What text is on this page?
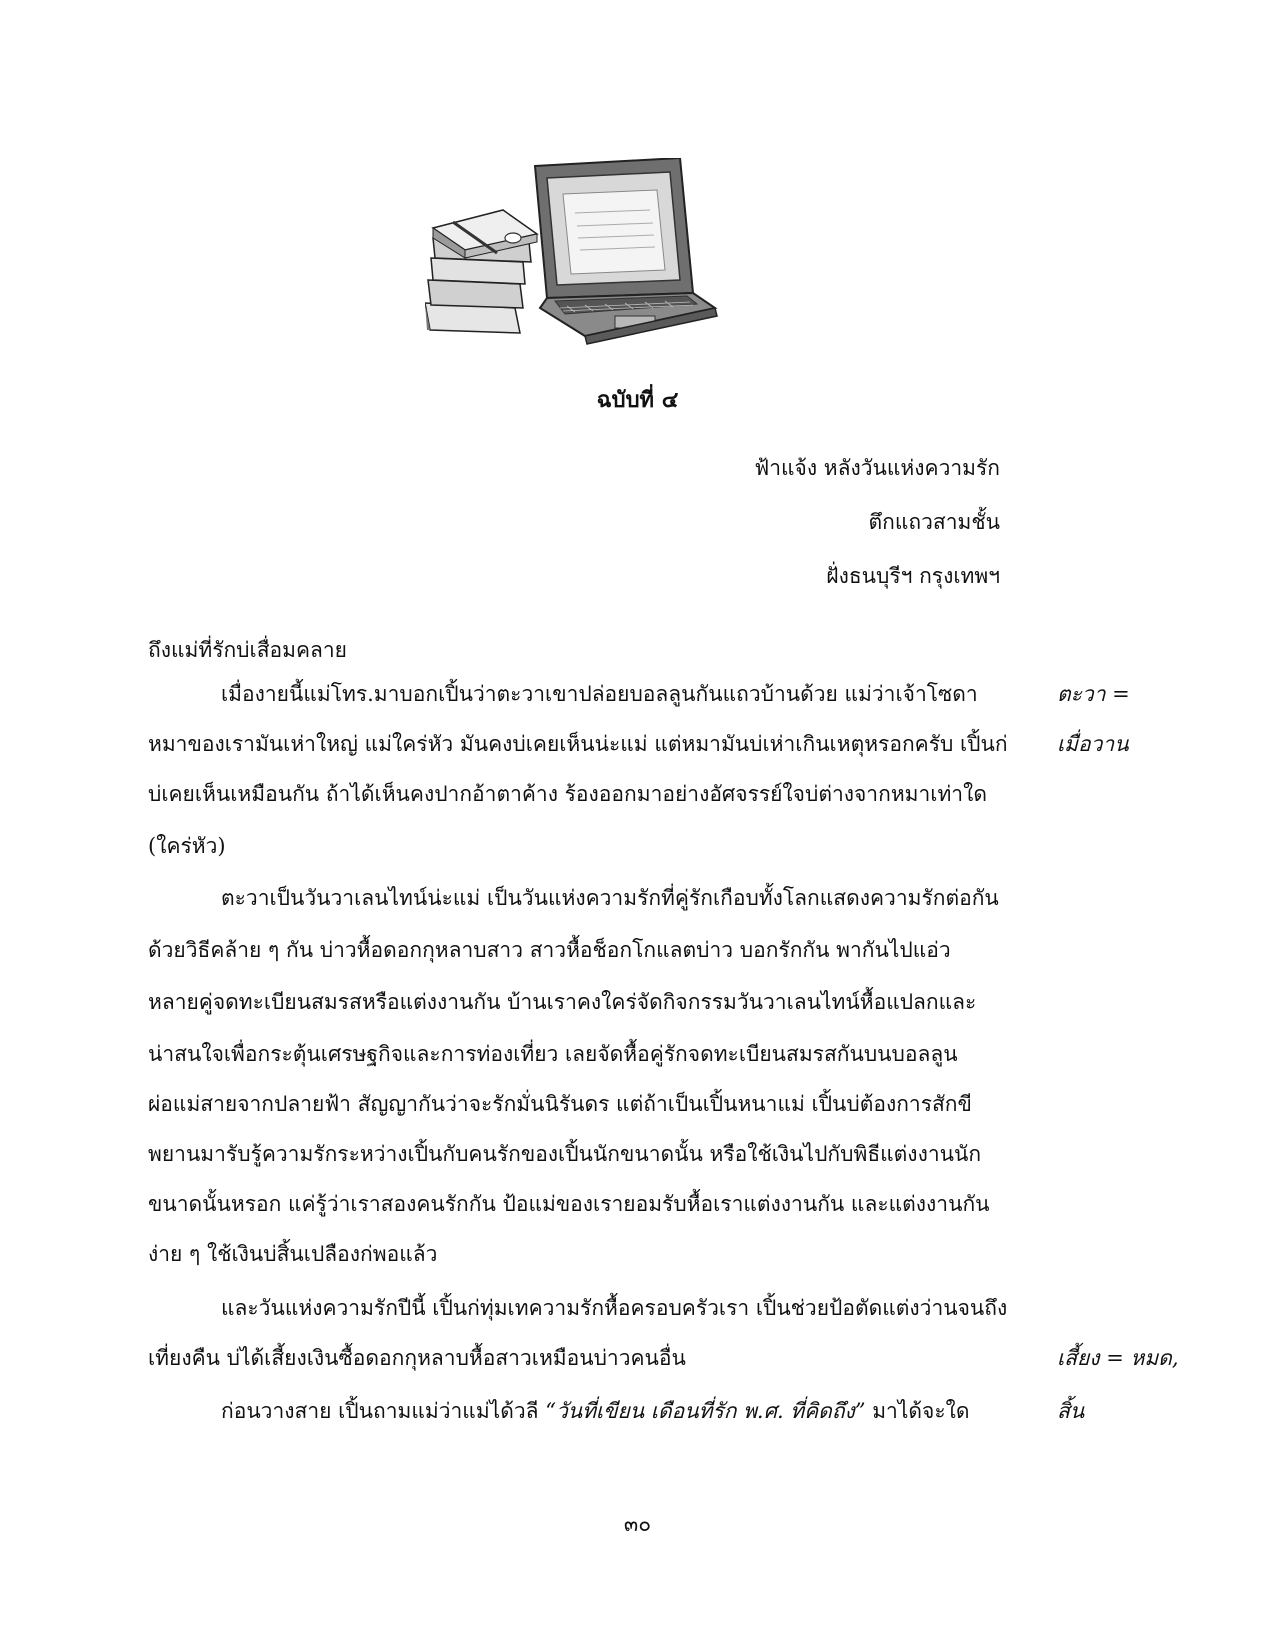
ฉบับที่ ๔
ฟ้าแจ้ง หลังวันแห่งความรัก
ตึกแถวสามชั้น
ฝั่งธนบุรีฯ กรุงเทพฯ
ถึงแม่ที่รักบ่เสื่อมคลาย
เมื่องายนี้แม่โทร.มาบอกเปิ้นว่าตะวาเขาปล่อยบอลลูนกันแถวบ้านด้วย แม่ว่าเจ้าโซดา
หมาของเรามันเห่าใหญ่ แม่ใคร่หัว มันคงบ่เคยเห็นน่ะแม่ แต่หมามันบ่เห่าเกินเหตุหรอกครับ เปิ้นก่
บ่เคยเห็นเหมือนกัน ถ้าได้เห็นคงปากอ้าตาค้าง ร้องออกมาอย่างอัศจรรย์ใจบ่ต่างจากหมาเท่าใด
(ใคร่หัว)
ตะวาเป็นวันวาเลนไทน์น่ะแม่ เป็นวันแห่งความรักที่คู่รักเกือบทั้งโลกแสดงความรักต่อกัน
ด้วยวิธีคล้าย ๆ กัน บ่าวหื้อดอกกุหลาบสาว สาวหื้อช็อกโกแลตบ่าว บอกรักกัน พากันไปแอ่ว
หลายคู่จดทะเบียนสมรสหรือแต่งงานกัน บ้านเราคงใคร่จัดกิจกรรมวันวาเลนไทน์หื้อแปลกและ
น่าสนใจเพื่อกระตุ้นเศรษฐกิจและการท่องเที่ยว เลยจัดหื้อคู่รักจดทะเบียนสมรสกันบนบอลลูน
ผ่อแม่สายจากปลายฟ้า สัญญากันว่าจะรักมั่นนิรันดร แต่ถ้าเป็นเปิ้นหนาแม่ เปิ้นบ่ต้องการสักขี
พยานมารับรู้ความรักระหว่างเปิ้นกับคนรักของเปิ้นนักขนาดนั้น หรือใช้เงินไปกับพิธีแต่งงานนัก
ขนาดนั้นหรอก แค่รู้ว่าเราสองคนรักกัน ป้อแม่ของเรายอมรับหื้อเราแต่งงานกัน และแต่งงานกัน
ง่าย ๆ ใช้เงินบ่สิ้นเปลืองก่พอแล้ว
และวันแห่งความรักปีนี้ เปิ้นก่ทุ่มเทความรักหื้อครอบครัวเรา เปิ้นช่วยป้อตัดแต่งว่านจนถึง
เที่ยงคืน บ่ได้เสี้ยงเงินซื้อดอกกุหลาบหื้อสาวเหมือนบ่าวคนอื่น
ก่อนวางสาย เปิ้นถามแม่ว่าแม่ได้วลี “วันที่เขียน เดือนที่รัก พ.ศ. ที่คิดถึง” มาได้จะใด
ตะวา =
เมื่อวาน
เสี้ยง = หมด,
สิ้น
๓๐
